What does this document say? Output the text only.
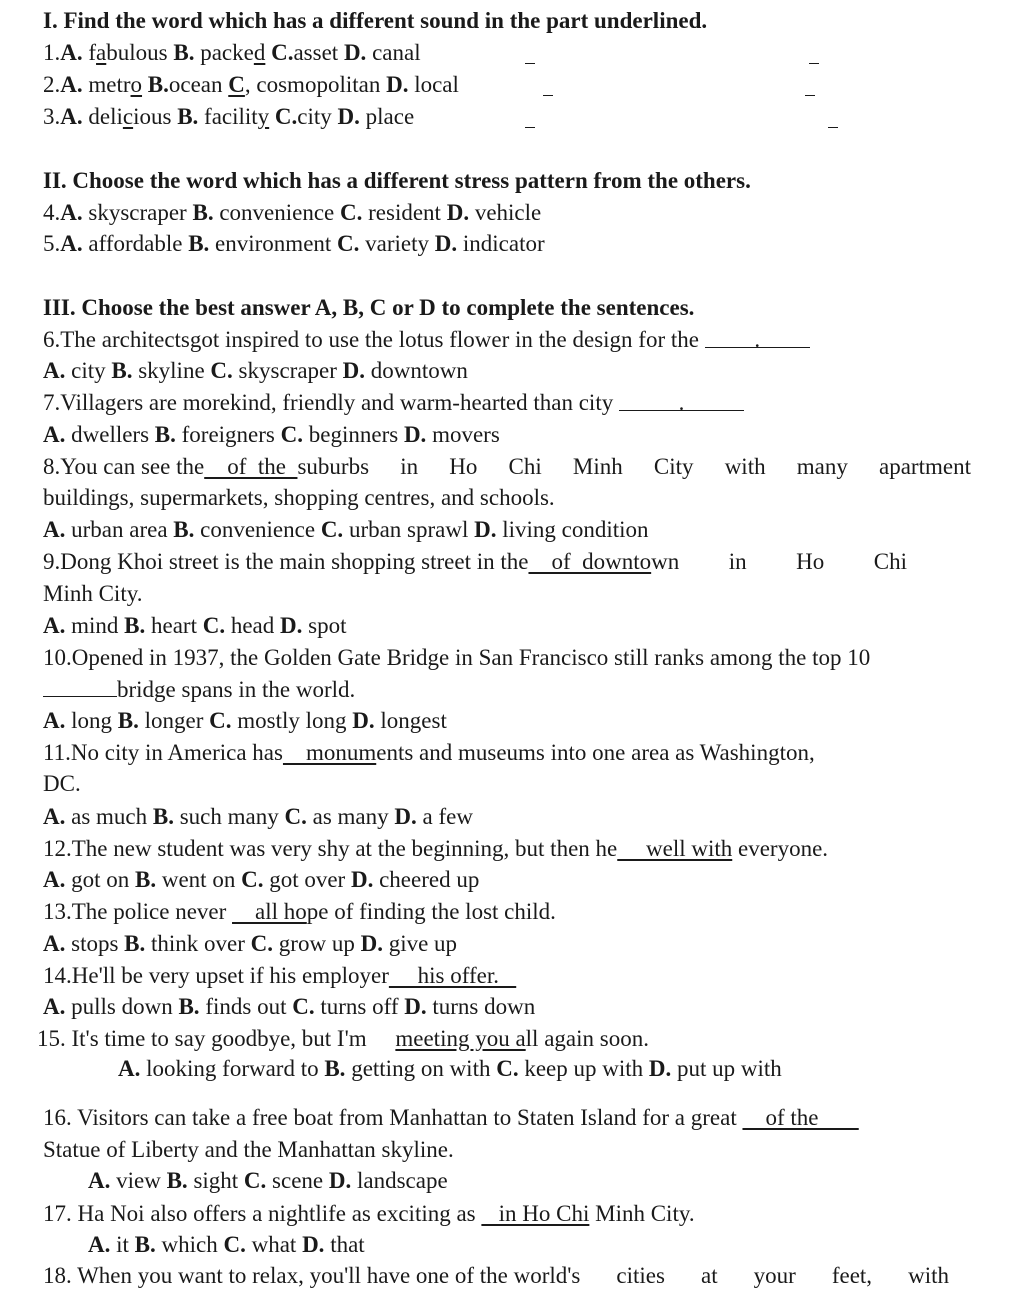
I. Find the word which has a different sound in the part underlined.
1.A. fabulous B. packed C.asset D. canal
2.A. metro B.ocean C, cosmopolitan D. local
3.A. delicious B. facility C.city D. place
II. Choose the word which has a different stress pattern from the others.
4.A. skyscraper B. convenience C. resident D. vehicle
5.A. affordable B. environment C. variety D. indicator
III. Choose the best answer A, B, C or D to complete the sentences.
6.The architectsgot inspired to use the lotus flower in the design for the .
A. city B. skyline C. skyscraper D. downtown
7.Villagers are morekind, friendly and warm-hearted than city	.
A. dwellers B. foreigners C. beginners D. movers
8.You can see the    of  the  suburbs in Ho Chi Minh City with many apartment
buildings, supermarkets, shopping centres, and schools.
A. urban area B. convenience C. urban sprawl D. living condition
9.Dong Khoi street is the main shopping street in the    of  downtown in Ho Chi
Minh City.
A. mind B. heart C. head D. spot
10.Opened in 1937, the Golden Gate Bridge in San Francisco still ranks among the top 10
bridge spans in the world.
A. long B. longer C. mostly long D. longest
11.No city in America has    monuments and museums into one area as Washington,
DC.
A. as much B. such many C. as many D. a few
12.The new student was very shy at the beginning, but then he     well with everyone.
A. got on B. went on C. got over D. cheered up
13.The police never     all hope of finding the lost child.
A. stops B. think over C. grow up D. give up
14.He'll be very upset if his employer     his offer.
A. pulls down B. finds out C. turns off D. turns down
15. It's time to say goodbye, but I'm     meeting you all again soon.
A. looking forward to B. getting on with C. keep up with D. put up with
16. Visitors can take a free boat from Manhattan to Staten Island for a great     of the
Statue of Liberty and the Manhattan skyline.
A. view B. sight C. scene D. landscape
17. Ha Noi also offers a nightlife as exciting as    in Ho Chi Minh City.
A. it B. which C. what D. that
18. When you want to relax, you'll have one of the world's cities at your feet, with
